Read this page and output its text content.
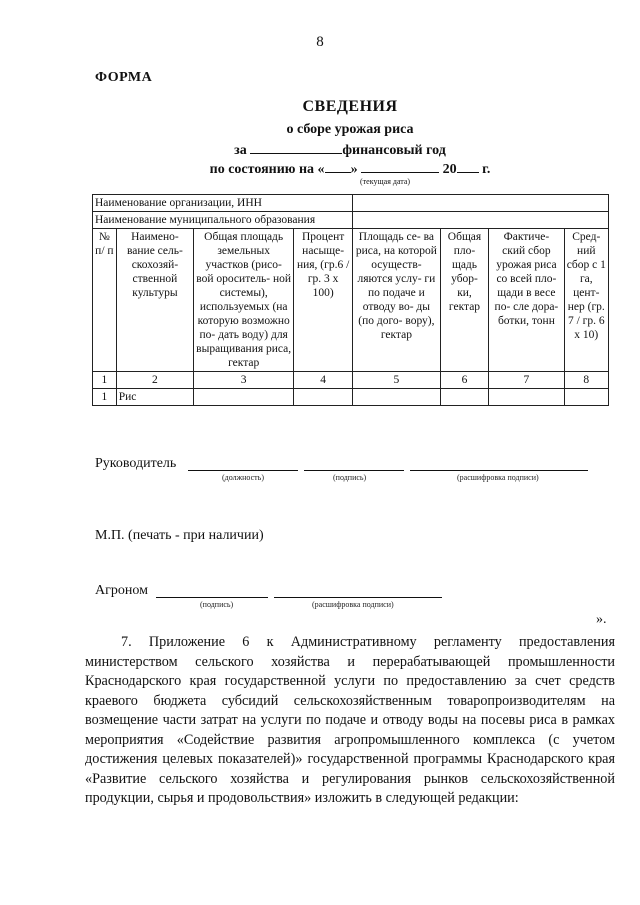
8
ФОРМА
СВЕДЕНИЯ
о сборе урожая риса
за	финансовый год
по состоянию на « »	20 г.
(текущая дата)
Наименование организации, ИНН							
Наименование муниципального образования							
№ п/ п	Наимено- вание сель- скохозяй- ственной культуры	Общая площадь земельных участков (рисо- вой ороситель- ной системы), используемых (на которую возможно по- дать воду) для выращивания риса, гектар	Процент насыще- ния, (гр.6 / гр. 3 х 100)	Площадь се- ва риса, на которой осуществ- ляются услу- ги по подаче и отводу во- ды (по дого- вору), гектар	Общая пло- щадь убор- ки, гектар	Фактиче- ский сбор урожая риса со всей пло- щади в весе по- сле дора- ботки, тонн	Сред- ний сбор с 1 га, цент- нер (гр. 7 / гр. 6 х 10)
1	2	3	4	5	6	7	8
1	Рис						
Руководитель
(должность)	(подпись)	(расшифровка подписи)
М.П. (печать - при наличии)
Агроном
(подпись)	(расшифровка подписи)
».
7. Приложение 6 к Административному регламенту предоставления министерством сельского хозяйства и перерабатывающей промышленности Краснодарского края государственной услуги по предоставлению за счет средств краевого бюджета субсидий сельскохозяйственным товаропроизводителям на возмещение части затрат на услуги по подаче и отводу воды на посевы риса в рамках мероприятия «Содействие развития агропромышленного комплекса (с учетом достижения целевых показателей)» государственной программы Краснодарского края «Развитие сельского хозяйства и регулирования рынков сельскохозяйственной продукции, сырья и продовольствия» изложить в следующей редакции:
